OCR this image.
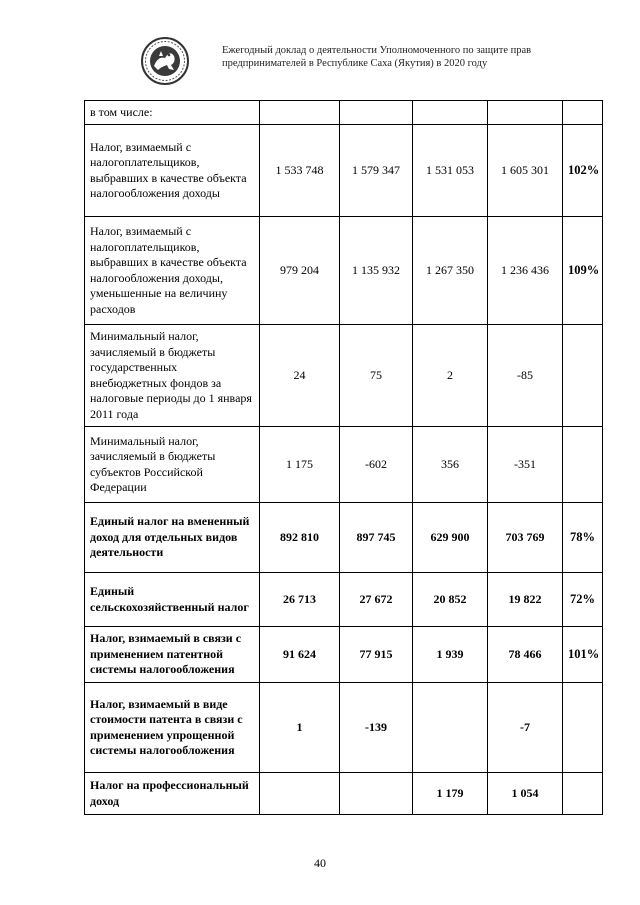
Ежегодный доклад о деятельности Уполномоченного по защите прав
предпринимателей в Республике Саха (Якутия) в 2020 году
в том числе:					
Налог, взимаемый с налогоплательщиков, выбравших в качестве объекта налогообложения доходы	1 533 748	1 579 347	1 531 053	1 605 301	102%
Налог, взимаемый с налогоплательщиков, выбравших в качестве объекта налогообложения доходы, уменьшенные на величину расходов	979 204	1 135 932	1 267 350	1 236 436	109%
Минимальный налог, зачисляемый в бюджеты государственных внебюджетных фондов за налоговые периоды до 1 января 2011 года	24	75	2	-85	
Минимальный налог, зачисляемый в бюджеты субъектов Российской Федерации	1 175	-602	356	-351	
Единый налог на вмененный доход для отдельных видов деятельности	892 810	897 745	629 900	703 769	78%
Единый сельскохозяйственный налог	26 713	27 672	20 852	19 822	72%
Налог, взимаемый в связи с применением патентной системы налогообложения	91 624	77 915	1 939	78 466	101%
Налог, взимаемый в виде стоимости патента в связи с применением упрощенной системы налогообложения	1	-139		-7	
Налог на профессиональный доход			1 179	1 054	
40
